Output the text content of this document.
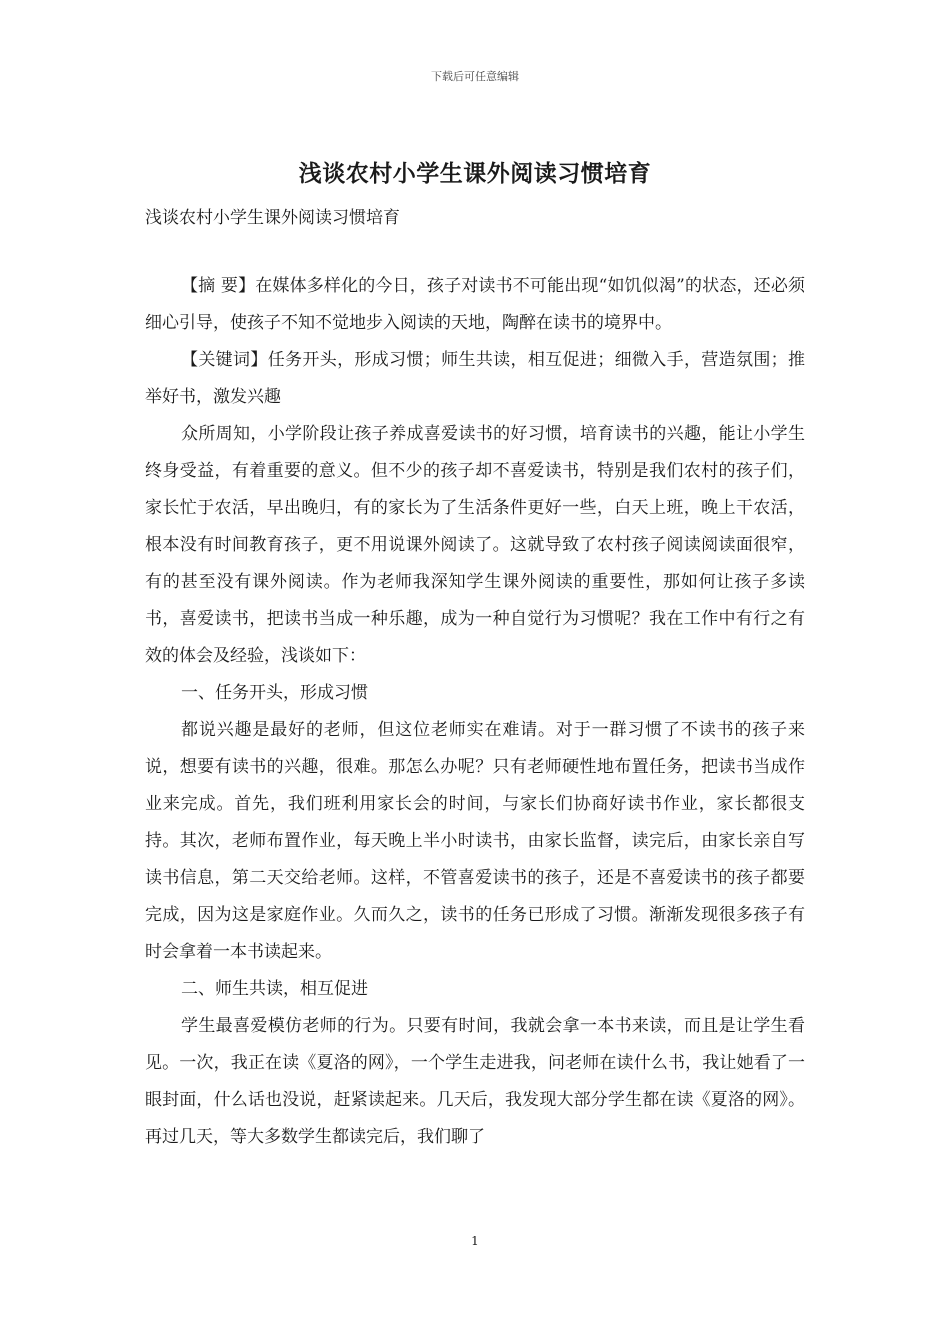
下载后可任意编辑
浅谈农村小学生课外阅读习惯培育
浅谈农村小学生课外阅读习惯培育

【摘 要】在媒体多样化的今日，孩子对读书不可能出现“如饥似渴”的状态，还必须细心引导，使孩子不知不觉地步入阅读的天地，陶醉在读书的境界中。

【关键词】任务开头，形成习惯；师生共读，相互促进；细微入手，营造氛围；推举好书，激发兴趣

众所周知，小学阶段让孩子养成喜爱读书的好习惯，培育读书的兴趣，能让小学生终身受益，有着重要的意义。但不少的孩子却不喜爱读书，特别是我们农村的孩子们，家长忙于农活，早出晚归，有的家长为了生活条件更好一些，白天上班，晚上干农活，根本没有时间教育孩子，更不用说课外阅读了。这就导致了农村孩子阅读阅读面很窄，有的甚至没有课外阅读。作为老师我深知学生课外阅读的重要性，那如何让孩子多读书，喜爱读书，把读书当成一种乐趣，成为一种自觉行为习惯呢？我在工作中有行之有效的体会及经验，浅谈如下：

一、任务开头，形成习惯

都说兴趣是最好的老师，但这位老师实在难请。对于一群习惯了不读书的孩子来说，想要有读书的兴趣，很难。那怎么办呢？只有老师硬性地布置任务，把读书当成作业来完成。首先，我们班利用家长会的时间，与家长们协商好读书作业，家长都很支持。其次，老师布置作业，每天晚上半小时读书，由家长监督，读完后，由家长亲自写读书信息，第二天交给老师。这样，不管喜爱读书的孩子，还是不喜爱读书的孩子都要完成，因为这是家庭作业。久而久之，读书的任务已形成了习惯。渐渐发现很多孩子有时会拿着一本书读起来。

二、师生共读，相互促进

学生最喜爱模仿老师的行为。只要有时间，我就会拿一本书来读，而且是让学生看见。一次，我正在读《夏洛的网》，一个学生走进我，问老师在读什么书，我让她看了一眼封面，什么话也没说，赶紧读起来。几天后，我发现大部分学生都在读《夏洛的网》。再过几天，等大多数学生都读完后，我们聊了

1
